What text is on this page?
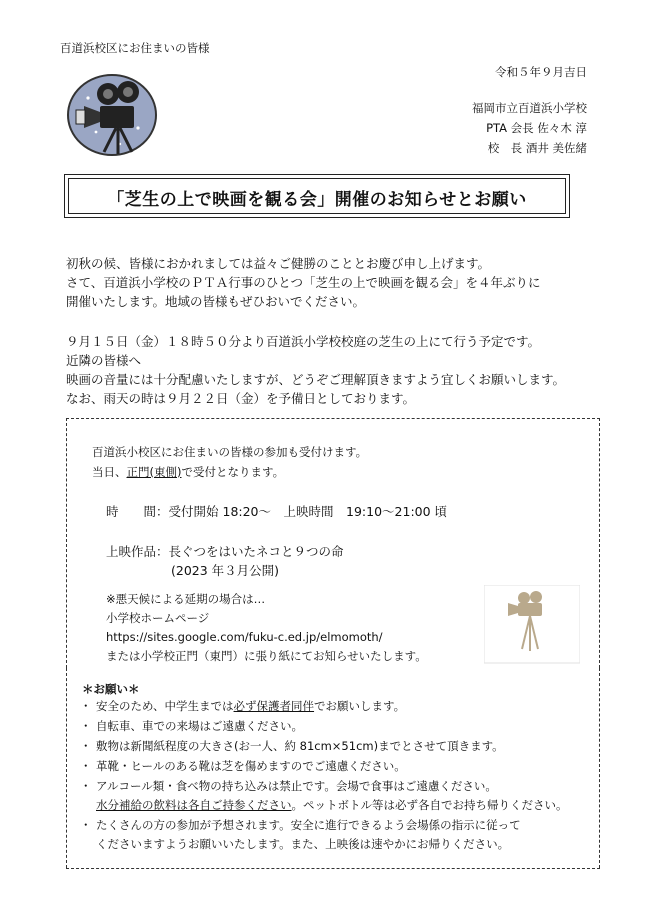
百道浜校区にお住まいの皆様
令和５年９月吉日
福岡市立百道浜小学校
PTA 会長 佐々木 淳
校　長 酒井 美佐緒
「芝生の上で映画を観る会」開催のお知らせとお願い
初秋の候、皆様におかれましては益々ご健勝のこととお慶び申し上げます。
さて、百道浜小学校のＰＴＡ行事のひとつ「芝生の上で映画を観る会」を４年ぶりに
開催いたします。地域の皆様もぜひおいでください。
９月１５日（金）１８時５０分より百道浜小学校校庭の芝生の上にて行う予定です。
近隣の皆様へ
映画の音量には十分配慮いたしますが、どうぞご理解頂きますよう宜しくお願いします。
なお、雨天の時は９月２２日（金）を予備日としております。
百道浜小校区にお住まいの皆様の参加も受付けます。
当日、正門(東側)で受付となります。
時　　間：受付開始 18:20～　上映時間　19:10～21:00 頃
上映作品：長ぐつをはいたネコと９つの命
(2023 年３月公開)
※悪天候による延期の場合は…
小学校ホームページ
https://sites.google.com/fuku-c.ed.jp/elmomoth/
または小学校正門（東門）に張り紙にてお知らせいたします。
＊お願い＊
・ 安全のため、中学生までは必ず保護者同伴でお願いします。
・ 自転車、車での来場はご遠慮ください。
・ 敷物は新聞紙程度の大きさ(お一人、約 81cm×51cm)までとさせて頂きます。
・ 革靴・ヒールのある靴は芝を傷めますのでご遠慮ください。
・ アルコール類・食べ物の持ち込みは禁止です。会場で食事はご遠慮ください。
水分補給の飲料は各自ご持参ください。ペットボトル等は必ず各自でお持ち帰りください。
・ たくさんの方の参加が予想されます。安全に進行できるよう会場係の指示に従って
くださいますようお願いいたします。また、上映後は速やかにお帰りください。
